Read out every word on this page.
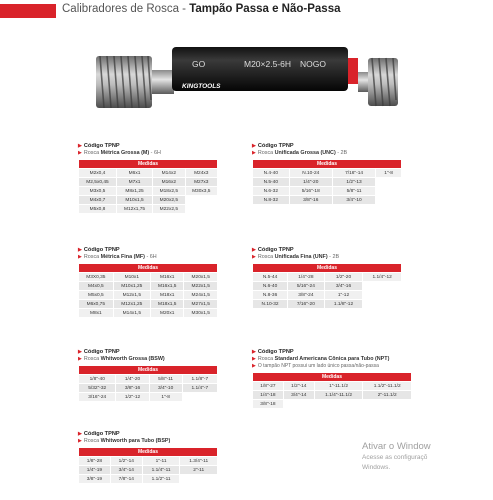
Calibradores de Rosca - Tampão Passa e Não-Passa
GO	M20×2.5-6H NOGO
KINGTOOLS
▶ Código TPNP
▶ Rosca Métrica Grossa (M) - 6H
Medidas			
M2x0,4	M6x1	M14x2	M24x3
M2,5x0,45	M7x1	M16x2	M27x3
M3x0,5	M8x1,25	M18x2,5	M30x3,5
M4x0,7	M10x1,5	M20x2,5	
M5x0,8	M12x1,75	M22x2,5	
▶ Código TPNP
▶ Rosca Unificada Grossa (UNC) - 2B
Medidas			
N.4-40	N.10-24	7/16"-14	1"-8
N.5-40	1/4"-20	1/2"-13	
N.6-32	5/16"-18	5/8"-11	
N.8-32	3/8"-16	3/4"-10	
▶ Código TPNP
▶ Rosca Métrica Fina (MF) - 6H
Medidas			
M3X0,35	M10x1	M16x1	M20x1,5
M4x0,5	M10x1,25	M16x1,5	M22x1,5
M5x0,5	M12x1,5	M18x1	M24x1,5
M6x0,75	M12x1,25	M18x1,5	M27x1,5
M8x1	M14x1,5	M20x1	M30x1,5
▶ Código TPNP
▶ Rosca Unificada Fina (UNF) - 2B
Medidas			
N.5-44	1/4"-28	1/2"-20	1.1/4"-12
N.6-40	5/16"-24	3/4"-16	
N.8-36	3/8"-24	1"-12	
N.10-32	7/16"-20	1.1/8"-12	
▶ Código TPNP
▶ Rosca Whitworth Grossa (BSW)
Medidas			
1/8"-40	1/4"-20	5/8"-11	1.1/8"-7
5/32"-32	3/8"-16	3/4"-10	1.1/4"-7
3/16"-24	1/2"-12	1"-8	
▶ Código TPNP
▶ Rosca Standard Americana Cônica para Tubo (NPT)
▶ O tampão NPT possui um lado único passa/não-passa
Medidas			
1/8"-27	1/2"-14	1"-11.1/2	1.1/2"-11.1/2
1/4"-18	3/4"-14	1.1/4"-11.1/2	2"-11.1/2
3/8"-18			
▶ Código TPNP
▶ Rosca Whitworth para Tubo (BSP)
Medidas			
1/8"-28	1/2"-14	1"-11	1.3/4"-11
1/4"-19	3/4"-14	1.1/4"-11	2"-11
3/8"-19	7/8"-14	1.1/2"-11	
Ativar o Window
Acesse as configuraçõ
Windows.
